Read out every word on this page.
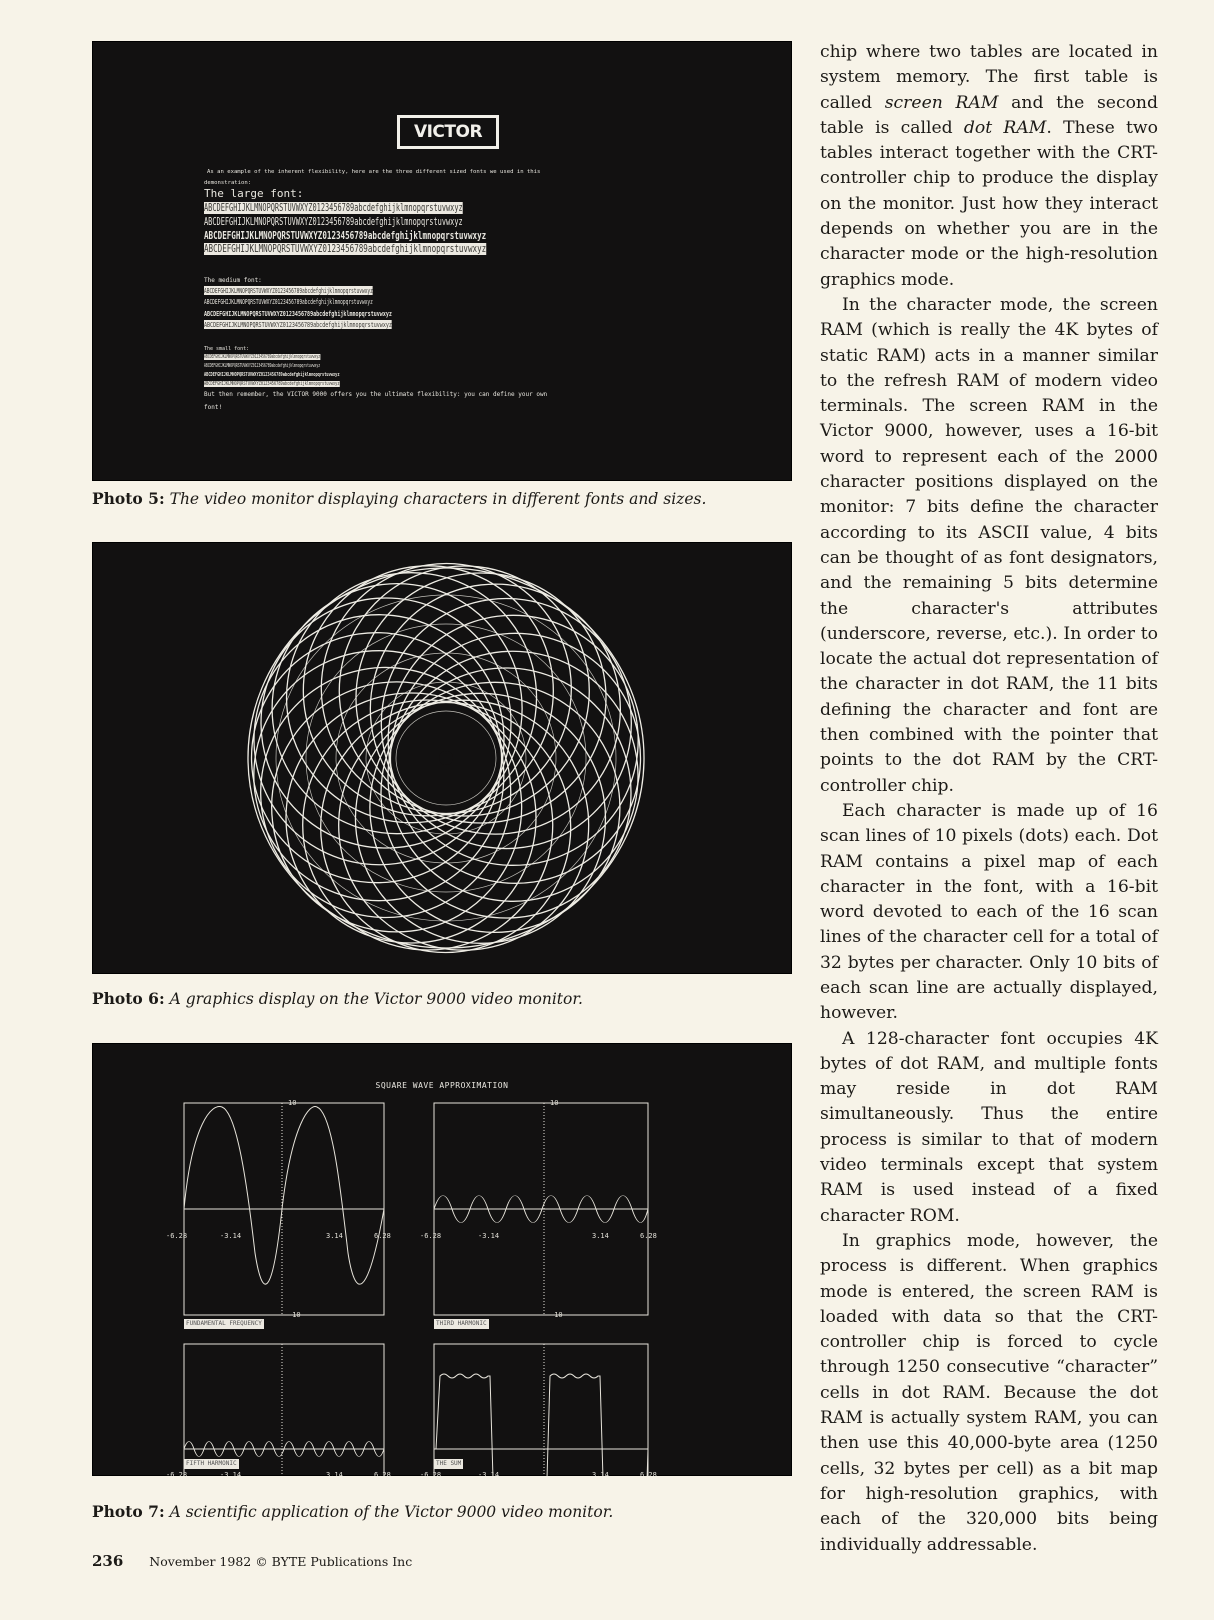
VICTOR
As an example of the inherent flexibility, here are the three different sized fonts we used in this
demonstration:
The large font:
ABCDEFGHIJKLMNOPQRSTUVWXYZ0123456789abcdefghijklmnopqrstuvwxyz
ABCDEFGHIJKLMNOPQRSTUVWXYZ0123456789abcdefghijklmnopqrstuvwxyz
ABCDEFGHIJKLMNOPQRSTUVWXYZ0123456789abcdefghijklmnopqrstuvwxyz
ABCDEFGHIJKLMNOPQRSTUVWXYZ0123456789abcdefghijklmnopqrstuvwxyz
The medium font:
ABCDEFGHIJKLMNOPQRSTUVWXYZ0123456789abcdefghijklmnopqrstuvwxyz
ABCDEFGHIJKLMNOPQRSTUVWXYZ0123456789abcdefghijklmnopqrstuvwxyz
ABCDEFGHIJKLMNOPQRSTUVWXYZ0123456789abcdefghijklmnopqrstuvwxyz
ABCDEFGHIJKLMNOPQRSTUVWXYZ0123456789abcdefghijklmnopqrstuvwxyz
The small font:
ABCDEFGHIJKLMNOPQRSTUVWXYZ0123456789abcdefghijklmnopqrstuvwxyz
ABCDEFGHIJKLMNOPQRSTUVWXYZ0123456789abcdefghijklmnopqrstuvwxyz
ABCDEFGHIJKLMNOPQRSTUVWXYZ0123456789abcdefghijklmnopqrstuvwxyz
ABCDEFGHIJKLMNOPQRSTUVWXYZ0123456789abcdefghijklmnopqrstuvwxyz
But then remember, the VICTOR 9000 offers you the ultimate flexibility: you can define your own
font!
Photo 5: The video monitor displaying characters in different fonts and sizes.
Photo 6: A graphics display on the Victor 9000 video monitor.
SQUARE WAVE APPROXIMATION
-6.28	-3.14	3.14	6.28
10
-10
-6.28	-3.14	3.14	6.28
10
-10
-6.28	-3.14	3.14	6.28	-6.28	-3.14	3.14	6.28
FUNDAMENTAL FREQUENCY	THIRD HARMONIC
FIFTH HARMONIC	THE SUM
Photo 7: A scientific application of the Victor 9000 video monitor.

chip where two tables are located in system memory. The first table is called screen RAM and the second table is called dot RAM. These two tables interact together with the CRT-controller chip to produce the display on the monitor. Just how they interact depends on whether you are in the character mode or the high-resolution graphics mode.

In the character mode, the screen RAM (which is really the 4K bytes of static RAM) acts in a manner similar to the refresh RAM of modern video terminals. The screen RAM in the Victor 9000, however, uses a 16-bit word to represent each of the 2000 character positions displayed on the monitor: 7 bits define the character according to its ASCII value, 4 bits can be thought of as font designators, and the remaining 5 bits determine the character's attributes (underscore, reverse, etc.). In order to locate the actual dot representation of the character in dot RAM, the 11 bits defining the character and font are then combined with the pointer that points to the dot RAM by the CRT-controller chip.

Each character is made up of 16 scan lines of 10 pixels (dots) each. Dot RAM contains a pixel map of each character in the font, with a 16-bit word devoted to each of the 16 scan lines of the character cell for a total of 32 bytes per character. Only 10 bits of each scan line are actually displayed, however.

A 128-character font occupies 4K bytes of dot RAM, and multiple fonts may reside in dot RAM simultaneously. Thus the entire process is similar to that of modern video terminals except that system RAM is used instead of a fixed character ROM.

In graphics mode, however, the process is different. When graphics mode is entered, the screen RAM is loaded with data so that the CRT-controller chip is forced to cycle through 1250 consecutive “character” cells in dot RAM. Because the dot RAM is actually system RAM, you can then use this 40,000-byte area (1250 cells, 32 bytes per cell) as a bit map for high-resolution graphics, with each of the 320,000 bits being individually addressable.

236 November 1982 © BYTE Publications Inc
